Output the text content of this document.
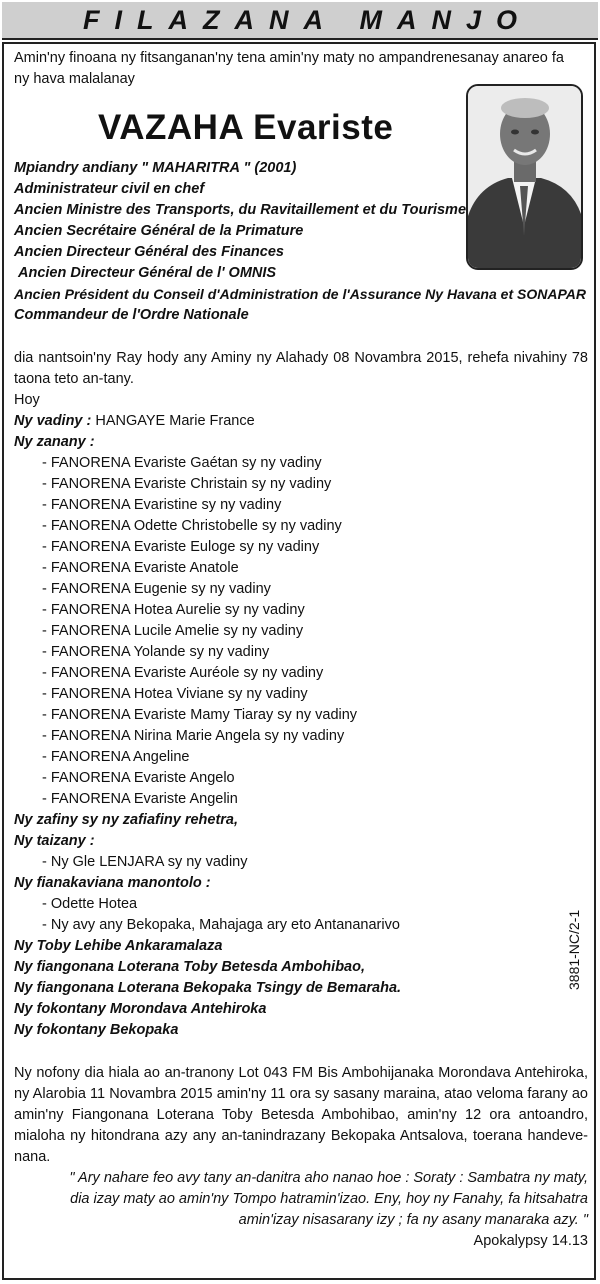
FILAZANA MANJO
3881-NC/2-1

Amin'ny finoana ny fitsanganan'ny tena amin'ny maty no ampandrenesanay anareo fa ny hava malalanay

VAZAHA Evariste
Mpiandry andiany " MAHARITRA " (2001)
Administrateur civil en chef
Ancien Ministre des Transports, du Ravitaillement et du Tourisme
Ancien Secrétaire Général de la Primature
Ancien Directeur Général des Finances
Ancien Directeur Général de l' OMNIS
Ancien Président du Conseil d'Administration de l'Assurance Ny Havana et SONAPAR
Commandeur de l'Ordre Nationale

dia nantsoin'ny Ray hody any Aminy ny Alahady 08 Novambra 2015, rehefa nivahiny 78 taona teto an-tany.

Hoy
Ny vadiny : HANGAYE Marie France
Ny zanany :
- FANORENA Evariste Gaétan sy ny vadiny
- FANORENA Evariste Christain sy ny vadiny
- FANORENA Evaristine sy ny vadiny
- FANORENA Odette Christobelle sy ny vadiny
- FANORENA Evariste Euloge sy ny vadiny
- FANORENA Evariste Anatole
- FANORENA Eugenie sy ny vadiny
- FANORENA Hotea Aurelie sy ny vadiny
- FANORENA Lucile Amelie sy ny vadiny
- FANORENA Yolande sy ny vadiny
- FANORENA Evariste Auréole sy ny vadiny
- FANORENA Hotea Viviane sy ny vadiny
- FANORENA Evariste Mamy Tiaray sy ny vadiny
- FANORENA Nirina Marie Angela sy ny vadiny
- FANORENA Angeline
- FANORENA Evariste Angelo
- FANORENA Evariste Angelin
Ny zafiny sy ny zafiafiny rehetra,
Ny taizany :
- Ny Gle LENJARA sy ny vadiny
Ny fianakaviana manontolo :
- Odette Hotea
- Ny avy any Bekopaka, Mahajaga ary eto Antananarivo
Ny Toby Lehibe Ankaramalaza
Ny fiangonana Loterana Toby Betesda Ambohibao,
Ny fiangonana Loterana Bekopaka Tsingy de Bemaraha.
Ny fokontany Morondava Antehiroka
Ny fokontany Bekopaka

Ny nofony dia hiala ao an-tranony Lot 043 FM Bis Ambohijanaka Morondava Antehiroka, ny Alarobia 11 Novambra 2015 amin'ny 11 ora sy sasany maraina, atao veloma farany ao amin'ny Fiangonana Loterana Toby Betesda Ambohibao, amin'ny 12 ora antoandro, mialoha ny hitondrana azy any an-tanindrazany Bekopaka Antsalova, toerana handeve-nana.

" Ary nahare feo avy tany an-danitra aho nanao hoe : Soraty : Sambatra ny maty, dia izay maty ao amin'ny Tompo hatramin'izao. Eny, hoy ny Fanahy, fa hitsahatra amin'izay nisasarany izy ; fa ny asany manaraka azy. "
Apokalypsy 14.13
